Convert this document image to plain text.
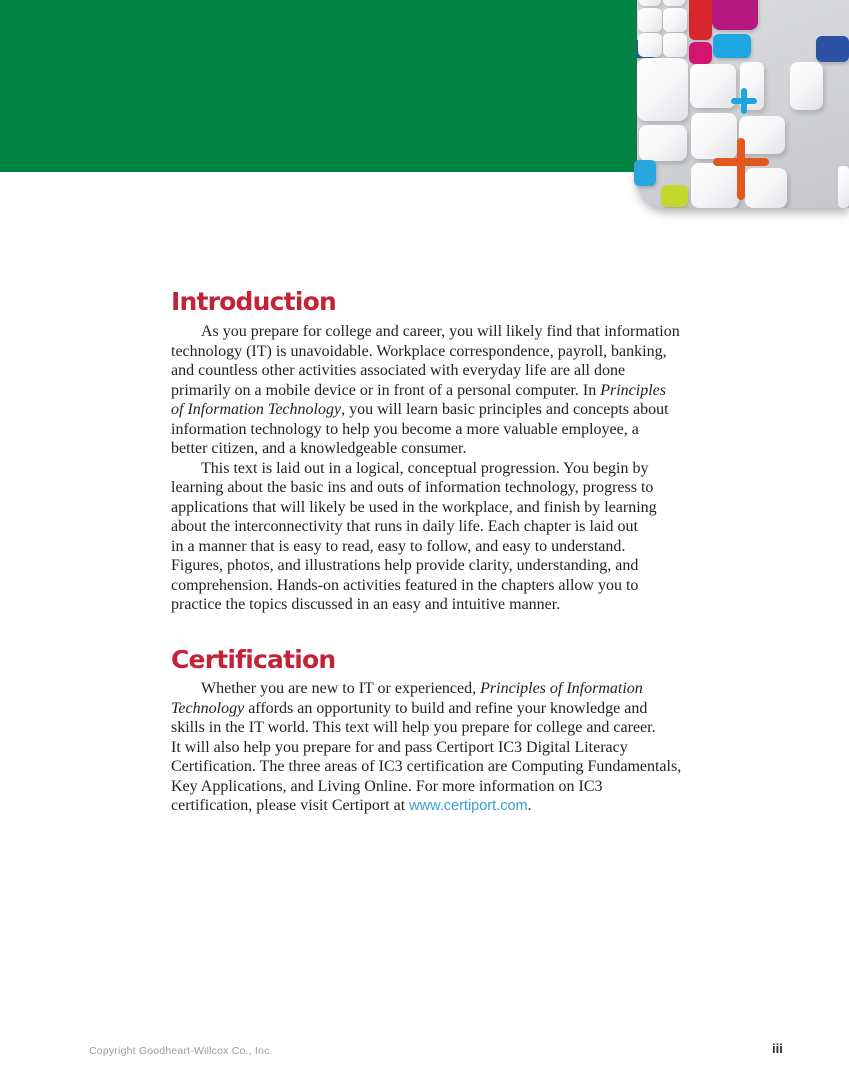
Introduction
As you prepare for college and career, you will likely find that information
technology (IT) is unavoidable. Workplace correspondence, payroll, banking,
and countless other activities associated with everyday life are all done
primarily on a mobile device or in front of a personal computer. In Principles
of Information Technology, you will learn basic principles and concepts about
information technology to help you become a more valuable employee, a
better citizen, and a knowledgeable consumer.
This text is laid out in a logical, conceptual progression. You begin by
learning about the basic ins and outs of information technology, progress to
applications that will likely be used in the workplace, and finish by learning
about the interconnectivity that runs in daily life. Each chapter is laid out
in a manner that is easy to read, easy to follow, and easy to understand.
Figures, photos, and illustrations help provide clarity, understanding, and
comprehension. Hands-on activities featured in the chapters allow you to
practice the topics discussed in an easy and intuitive manner.
Certification
Whether you are new to IT or experienced, Principles of Information
Technology affords an opportunity to build and refine your knowledge and
skills in the IT world. This text will help you prepare for college and career.
It will also help you prepare for and pass Certiport IC3 Digital Literacy
Certification. The three areas of IC3 certification are Computing Fundamentals,
Key Applications, and Living Online. For more information on IC3
certification, please visit Certiport at www.certiport.com.
Copyright Goodheart-Willcox Co., Inc.	iii
